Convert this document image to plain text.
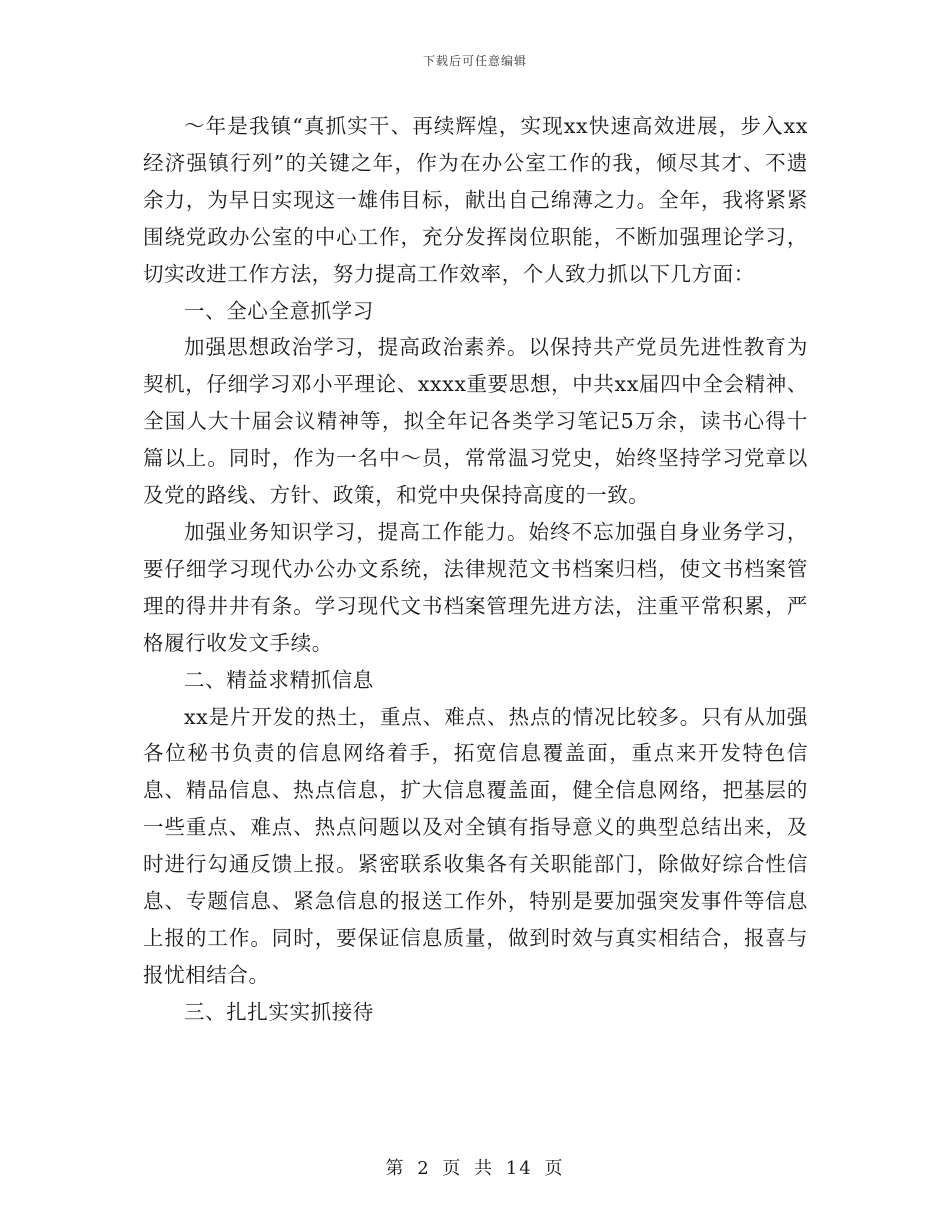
下载后可任意编辑

～年是我镇“真抓实干、再续辉煌，实现xx快速高效进展，步入xx经济强镇行列”的关键之年，作为在办公室工作的我，倾尽其才、不遗余力，为早日实现这一雄伟目标，献出自己绵薄之力。全年，我将紧紧围绕党政办公室的中心工作，充分发挥岗位职能，不断加强理论学习，切实改进工作方法，努力提高工作效率，个人致力抓以下几方面：

一、全心全意抓学习

加强思想政治学习，提高政治素养。以保持共产党员先进性教育为契机，仔细学习邓小平理论、xxxx重要思想，中共xx届四中全会精神、全国人大十届会议精神等，拟全年记各类学习笔记5万余，读书心得十篇以上。同时，作为一名中～员，常常温习党史，始终坚持学习党章以及党的路线、方针、政策，和党中央保持高度的一致。

加强业务知识学习，提高工作能力。始终不忘加强自身业务学习，要仔细学习现代办公办文系统，法律规范文书档案归档，使文书档案管理的得井井有条。学习现代文书档案管理先进方法，注重平常积累，严格履行收发文手续。

二、精益求精抓信息

xx是片开发的热土，重点、难点、热点的情况比较多。只有从加强各位秘书负责的信息网络着手，拓宽信息覆盖面，重点来开发特色信息、精品信息、热点信息，扩大信息覆盖面，健全信息网络，把基层的一些重点、难点、热点问题以及对全镇有指导意义的典型总结出来，及时进行勾通反馈上报。紧密联系收集各有关职能部门，除做好综合性信息、专题信息、紧急信息的报送工作外，特别是要加强突发事件等信息上报的工作。同时，要保证信息质量，做到时效与真实相结合，报喜与报忧相结合。

三、扎扎实实抓接待

第 2 页 共 14 页
